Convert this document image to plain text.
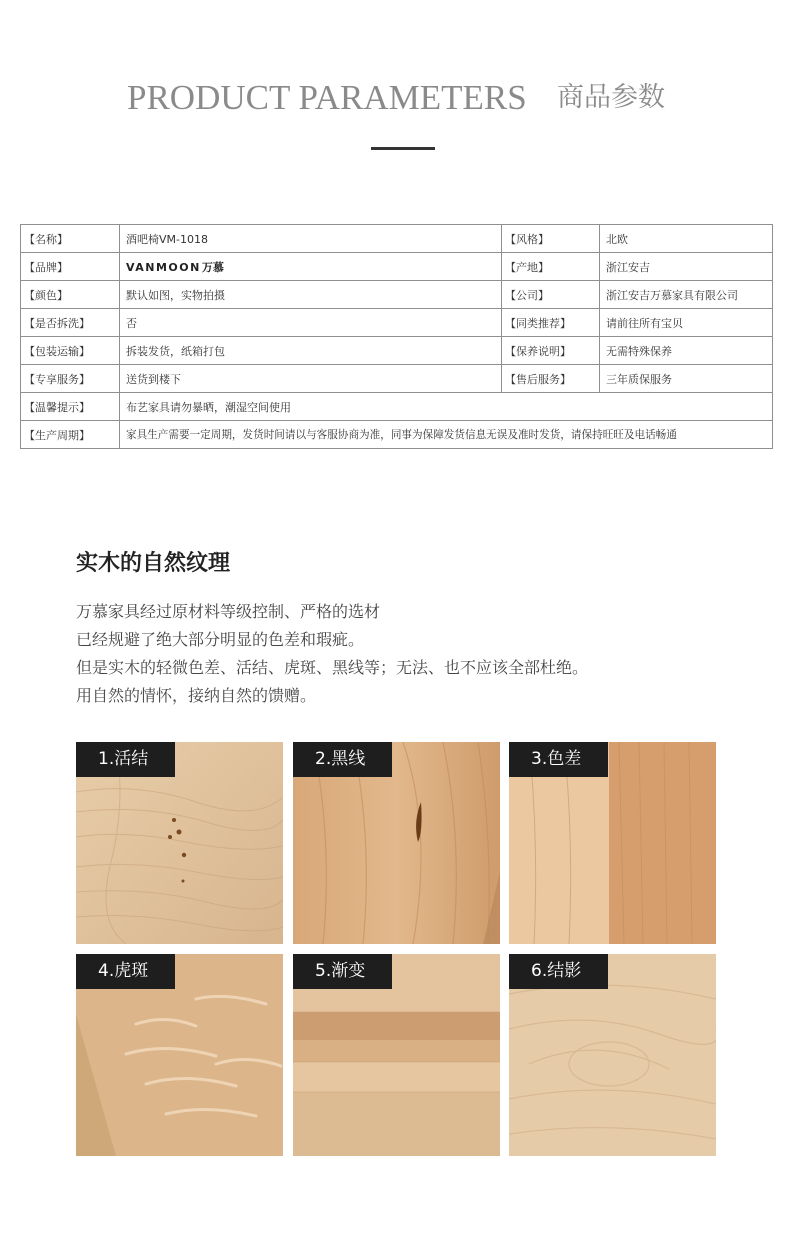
PRODUCT PARAMETERS 商品参数
【名称】	酒吧椅VM-1018	【风格】	北欧
【品牌】	VANMOON万慕	【产地】	浙江安吉
【颜色】	默认如图，实物拍摄	【公司】	浙江安吉万慕家具有限公司
【是否拆洗】	否	【同类推荐】	请前往所有宝贝
【包装运输】	拆装发货，纸箱打包	【保养说明】	无需特殊保养
【专享服务】	送货到楼下	【售后服务】	三年质保服务
【温馨提示】	布艺家具请勿暴晒，潮湿空间使用		
【生产周期】	家具生产需要一定周期，发货时间请以与客服协商为准，同事为保障发货信息无误及准时发货，请保持旺旺及电话畅通		
实木的自然纹理
万慕家具经过原材料等级控制、严格的选材
已经规避了绝大部分明显的色差和瑕疵。
但是实木的轻微色差、活结、虎斑、黑线等；无法、也不应该全部杜绝。
用自然的情怀，接纳自然的馈赠。
1.活结	2.黑线	3.色差
4.虎斑	5.渐变	6.结影
